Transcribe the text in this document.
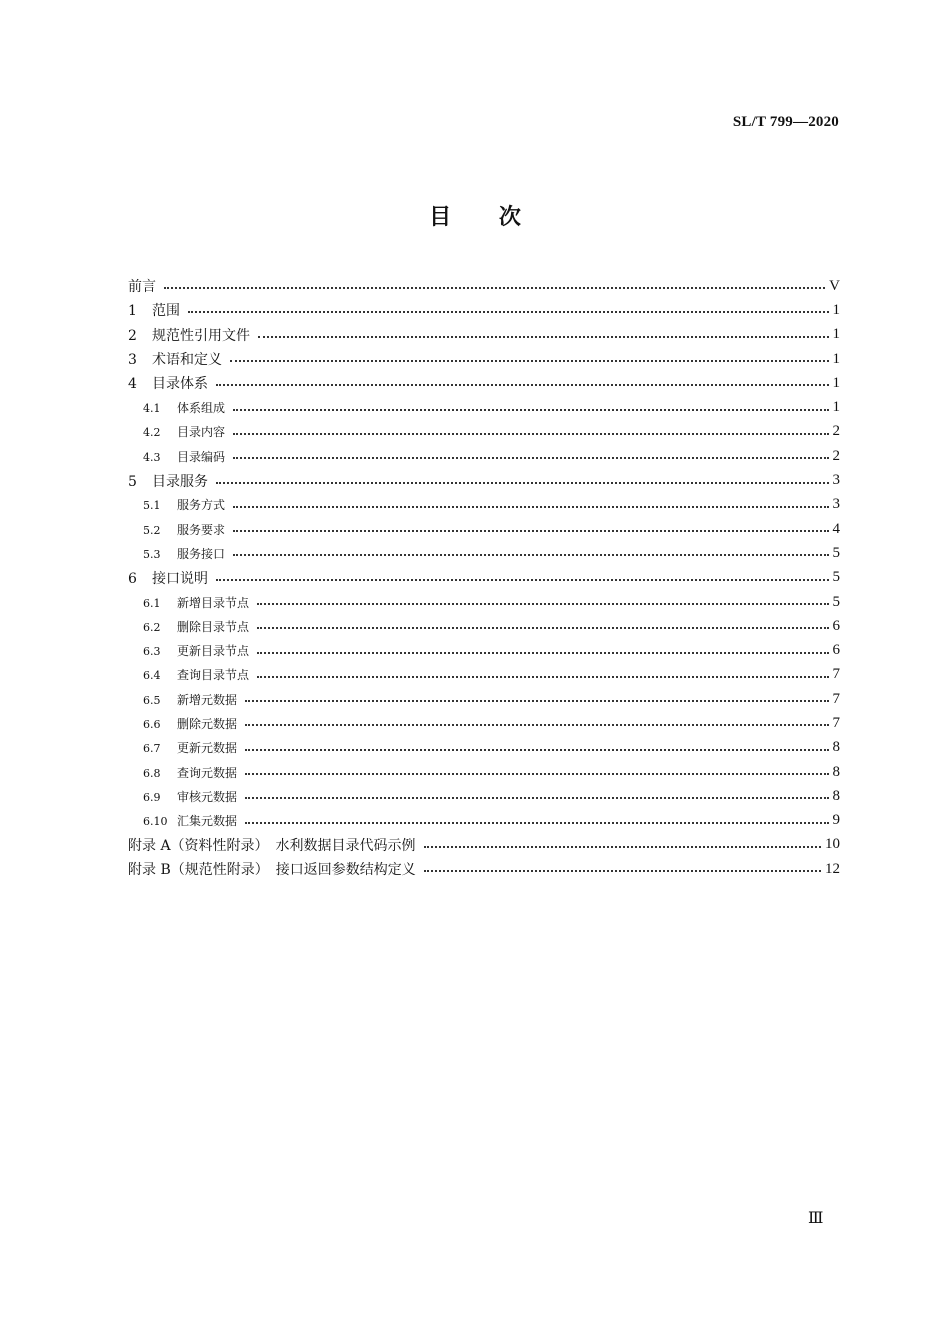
SL/T 799—2020
目 次
前言	V
1 范围	1
2 规范性引用文件	1
3 术语和定义	1
4 目录体系	1
4.1 体系组成	1
4.2 目录内容	2
4.3 目录编码	2
5 目录服务	3
5.1 服务方式	3
5.2 服务要求	4
5.3 服务接口	5
6 接口说明	5
6.1 新增目录节点	5
6.2 删除目录节点	6
6.3 更新目录节点	6
6.4 查询目录节点	7
6.5 新增元数据	7
6.6 删除元数据	7
6.7 更新元数据	8
6.8 查询元数据	8
6.9 审核元数据	8
6.10 汇集元数据	9
附录 A（资料性附录）　水利数据目录代码示例	10
附录 B（规范性附录）　接口返回参数结构定义	12
Ⅲ
